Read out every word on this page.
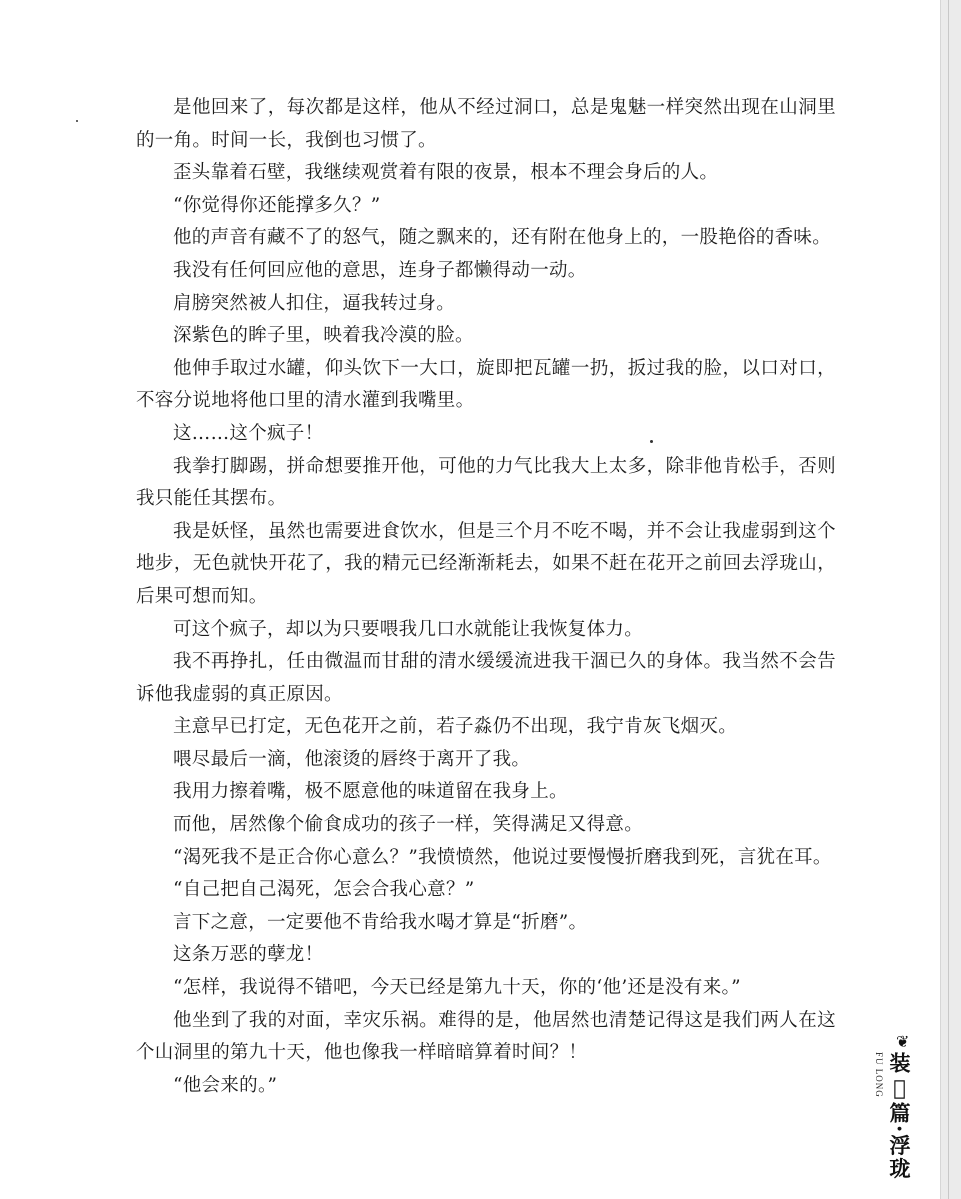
是他回来了，每次都是这样，他从不经过洞口，总是鬼魅一样突然出现在山洞里的一角。时间一长，我倒也习惯了。

歪头靠着石壁，我继续观赏着有限的夜景，根本不理会身后的人。

“你觉得你还能撑多久？”

他的声音有藏不了的怒气，随之飘来的，还有附在他身上的，一股艳俗的香味。

我没有任何回应他的意思，连身子都懒得动一动。

肩膀突然被人扣住，逼我转过身。

深紫色的眸子里，映着我冷漠的脸。

他伸手取过水罐，仰头饮下一大口，旋即把瓦罐一扔，扳过我的脸，以口对口，不容分说地将他口里的清水灌到我嘴里。

这……这个疯子！

我拳打脚踢，拼命想要推开他，可他的力气比我大上太多，除非他肯松手，否则我只能任其摆布。

我是妖怪，虽然也需要进食饮水，但是三个月不吃不喝，并不会让我虚弱到这个地步，无色就快开花了，我的精元已经渐渐耗去，如果不赶在花开之前回去浮珑山，后果可想而知。

可这个疯子，却以为只要喂我几口水就能让我恢复体力。

我不再挣扎，任由微温而甘甜的清水缓缓流进我干涸已久的身体。我当然不会告诉他我虚弱的真正原因。

主意早已打定，无色花开之前，若子淼仍不出现，我宁肯灰飞烟灭。

喂尽最后一滴，他滚烫的唇终于离开了我。

我用力擦着嘴，极不愿意他的味道留在我身上。

而他，居然像个偷食成功的孩子一样，笑得满足又得意。

“渴死我不是正合你心意么？”我愤愤然，他说过要慢慢折磨我到死，言犹在耳。

“自己把自己渴死，怎会合我心意？”

言下之意，一定要他不肯给我水喝才算是“折磨”。

这条万恶的孽龙！

“怎样，我说得不错吧，今天已经是第九十天，你的‘他’还是没有来。”

他坐到了我的对面，幸灾乐祸。难得的是，他居然也清楚记得这是我们两人在这个山洞里的第九十天，他也像我一样暗暗算着时间？！

“他会来的。”

❦
FU LONG 装𬞁篇·浮珑
